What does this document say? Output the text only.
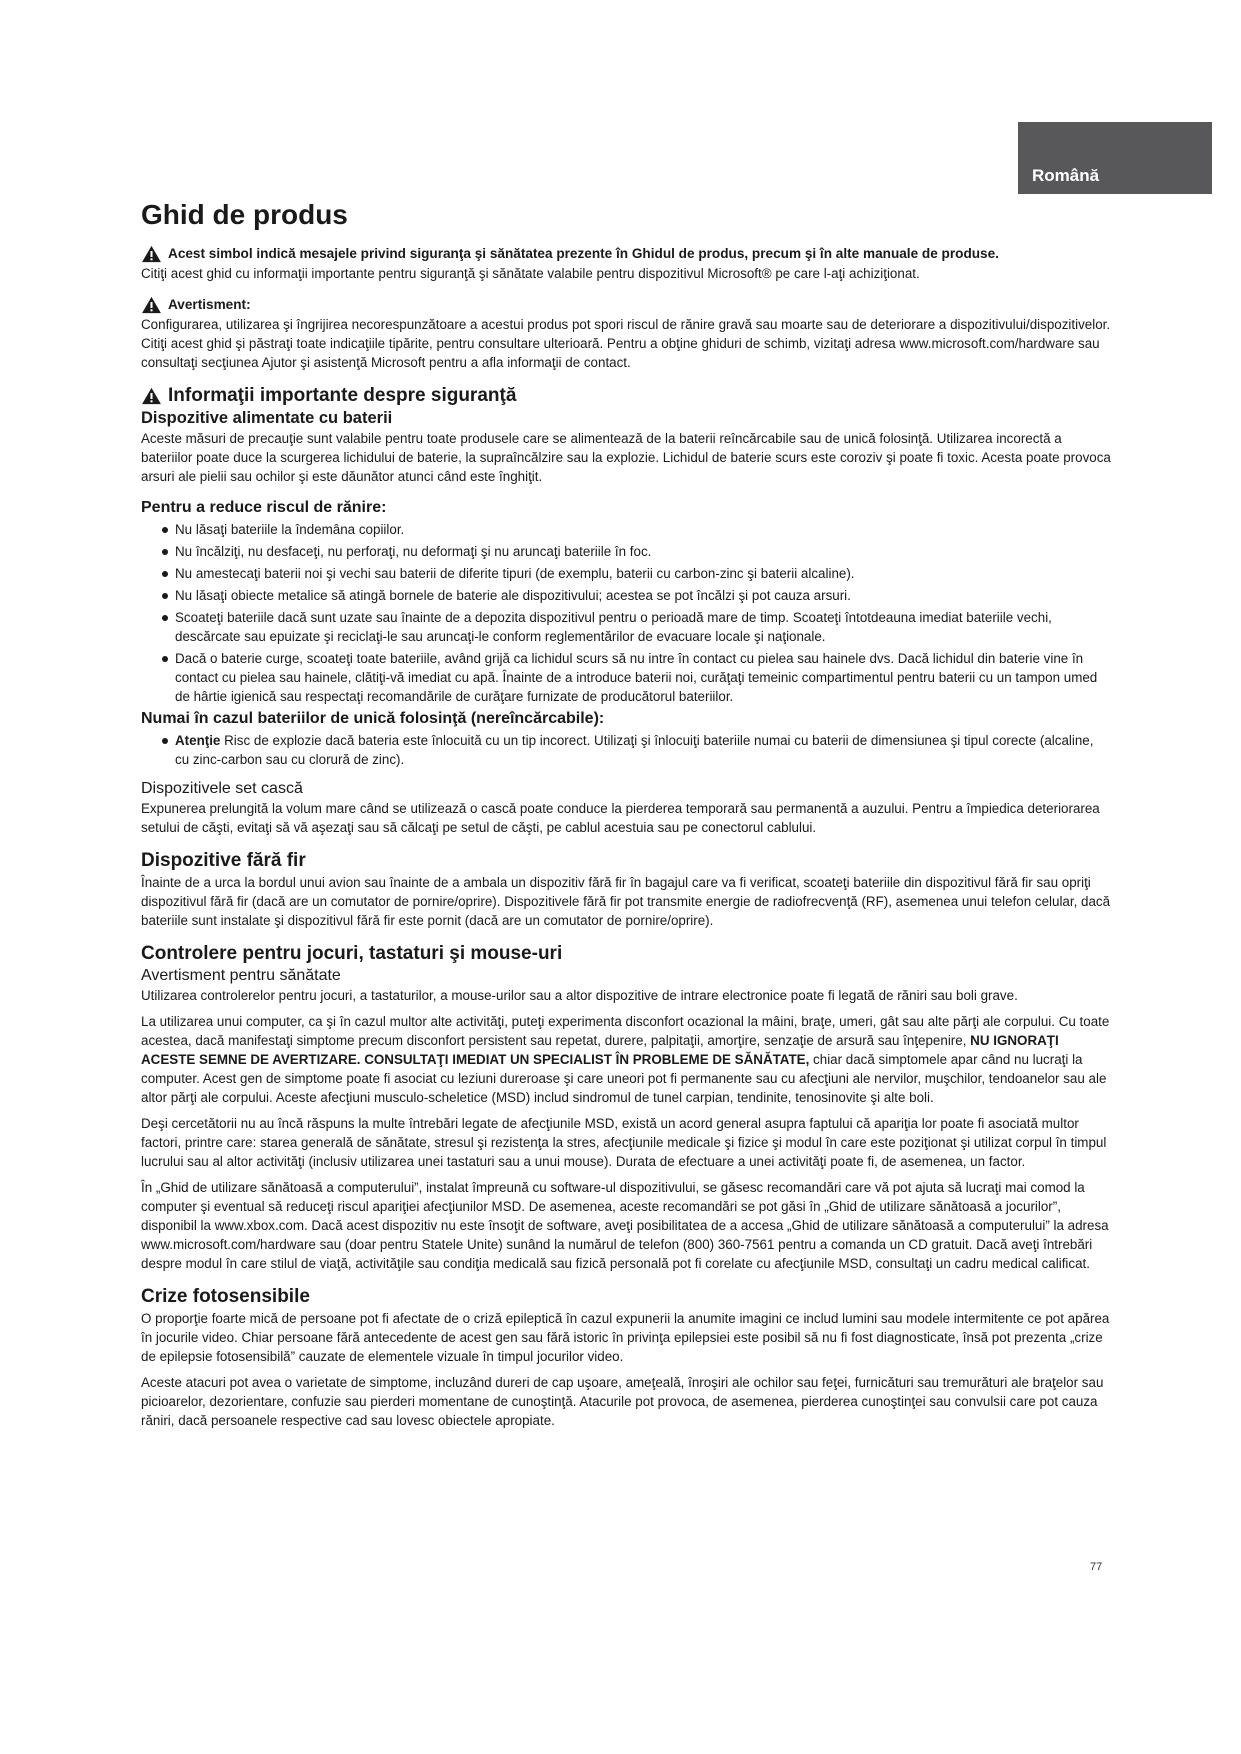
Română
Ghid de produs
Acest simbol indică mesajele privind siguranţa şi sănătatea prezente în Ghidul de produs, precum şi în alte manuale de produse.

Citiţi acest ghid cu informaţii importante pentru siguranţă şi sănătate valabile pentru dispozitivul Microsoft® pe care l-aţi achiziţionat.

Avertisment:

Configurarea, utilizarea şi îngrijirea necorespunzătoare a acestui produs pot spori riscul de rănire gravă sau moarte sau de deteriorare a dispozitivului/dispozitivelor. Citiţi acest ghid şi păstraţi toate indicaţiile tipărite, pentru consultare ulterioară. Pentru a obţine ghiduri de schimb, vizitaţi adresa www.microsoft.com/hardware sau consultaţi secţiunea Ajutor şi asistenţă Microsoft pentru a afla informaţii de contact.

Informaţii importante despre siguranţă
Dispozitive alimentate cu baterii

Aceste măsuri de precauţie sunt valabile pentru toate produsele care se alimentează de la baterii reîncărcabile sau de unică folosinţă. Utilizarea incorectă a bateriilor poate duce la scurgerea lichidului de baterie, la supraîncălzire sau la explozie. Lichidul de baterie scurs este coroziv şi poate fi toxic. Acesta poate provoca arsuri ale pielii sau ochilor şi este dăunător atunci când este înghiţit.

Pentru a reduce riscul de rănire:
Nu lăsaţi bateriile la îndemâna copiilor.
Nu încălziţi, nu desfaceţi, nu perforaţi, nu deformaţi şi nu aruncaţi bateriile în foc.
Nu amestecaţi baterii noi şi vechi sau baterii de diferite tipuri (de exemplu, baterii cu carbon-zinc şi baterii alcaline).
Nu lăsaţi obiecte metalice să atingă bornele de baterie ale dispozitivului; acestea se pot încălzi şi pot cauza arsuri.
Scoateţi bateriile dacă sunt uzate sau înainte de a depozita dispozitivul pentru o perioadă mare de timp. Scoateţi întotdeauna imediat bateriile vechi, descărcate sau epuizate şi reciclaţi-le sau aruncaţi-le conform reglementărilor de evacuare locale şi naţionale.
Dacă o baterie curge, scoateţi toate bateriile, având grijă ca lichidul scurs să nu intre în contact cu pielea sau hainele dvs. Dacă lichidul din baterie vine în contact cu pielea sau hainele, clătiţi-vă imediat cu apă. Înainte de a introduce baterii noi, curăţaţi temeinic compartimentul pentru baterii cu un tampon umed de hârtie igienică sau respectaţi recomandările de curăţare furnizate de producătorul bateriilor.
Numai în cazul bateriilor de unică folosinţă (nereîncărcabile):
Atenţie Risc de explozie dacă bateria este înlocuită cu un tip incorect. Utilizaţi şi înlocuiţi bateriile numai cu baterii de dimensiunea şi tipul corecte (alcaline, cu zinc-carbon sau cu clorură de zinc).
Dispozitivele set cască

Expunerea prelungită la volum mare când se utilizează o cască poate conduce la pierderea temporară sau permanentă a auzului. Pentru a împiedica deteriorarea setului de căşti, evitaţi să vă aşezaţi sau să călcaţi pe setul de căşti, pe cablul acestuia sau pe conectorul cablului.

Dispozitive fără fir

Înainte de a urca la bordul unui avion sau înainte de a ambala un dispozitiv fără fir în bagajul care va fi verificat, scoateţi bateriile din dispozitivul fără fir sau opriţi dispozitivul fără fir (dacă are un comutator de pornire/oprire). Dispozitivele fără fir pot transmite energie de radiofrecvenţă (RF), asemenea unui telefon celular, dacă bateriile sunt instalate şi dispozitivul fără fir este pornit (dacă are un comutator de pornire/oprire).

Controlere pentru jocuri, tastaturi şi mouse-uri
Avertisment pentru sănătate

Utilizarea controlerelor pentru jocuri, a tastaturilor, a mouse-urilor sau a altor dispozitive de intrare electronice poate fi legată de răniri sau boli grave.

La utilizarea unui computer, ca şi în cazul multor alte activităţi, puteţi experimenta disconfort ocazional la mâini, braţe, umeri, gât sau alte părţi ale corpului. Cu toate acestea, dacă manifestaţi simptome precum disconfort persistent sau repetat, durere, palpitaţii, amorţire, senzaţie de arsură sau înţepenire, NU IGNORAŢI ACESTE SEMNE DE AVERTIZARE. CONSULTAŢI IMEDIAT UN SPECIALIST ÎN PROBLEME DE SĂNĂTATE, chiar dacă simptomele apar când nu lucraţi la computer. Acest gen de simptome poate fi asociat cu leziuni dureroase şi care uneori pot fi permanente sau cu afecţiuni ale nervilor, muşchilor, tendoanelor sau ale altor părţi ale corpului. Aceste afecţiuni musculo-scheletice (MSD) includ sindromul de tunel carpian, tendinite, tenosinovite şi alte boli.

Deşi cercetătorii nu au încă răspuns la multe întrebări legate de afecţiunile MSD, există un acord general asupra faptului că apariţia lor poate fi asociată multor factori, printre care: starea generală de sănătate, stresul şi rezistenţa la stres, afecţiunile medicale şi fizice şi modul în care este poziţionat şi utilizat corpul în timpul lucrului sau al altor activităţi (inclusiv utilizarea unei tastaturi sau a unui mouse). Durata de efectuare a unei activităţi poate fi, de asemenea, un factor.

În „Ghid de utilizare sănătoasă a computerului”, instalat împreună cu software-ul dispozitivului, se găsesc recomandări care vă pot ajuta să lucraţi mai comod la computer şi eventual să reduceţi riscul apariţiei afecţiunilor MSD. De asemenea, aceste recomandări se pot găsi în „Ghid de utilizare sănătoasă a jocurilor”, disponibil la www.xbox.com. Dacă acest dispozitiv nu este însoţit de software, aveţi posibilitatea de a accesa „Ghid de utilizare sănătoasă a computerului” la adresa www.microsoft.com/hardware sau (doar pentru Statele Unite) sunând la numărul de telefon (800) 360-7561 pentru a comanda un CD gratuit. Dacă aveţi întrebări despre modul în care stilul de viaţă, activităţile sau condiţia medicală sau fizică personală pot fi corelate cu afecţiunile MSD, consultaţi un cadru medical calificat.

Crize fotosensibile

O proporţie foarte mică de persoane pot fi afectate de o criză epileptică în cazul expunerii la anumite imagini ce includ lumini sau modele intermitente ce pot apărea în jocurile video. Chiar persoane fără antecedente de acest gen sau fără istoric în privinţa epilepsiei este posibil să nu fi fost diagnosticate, însă pot prezenta „crize de epilepsie fotosensibilă” cauzate de elementele vizuale în timpul jocurilor video.

Aceste atacuri pot avea o varietate de simptome, incluzând dureri de cap uşoare, ameţeală, înroşiri ale ochilor sau feţei, furnicături sau tremurături ale braţelor sau picioarelor, dezorientare, confuzie sau pierderi momentane de cunoştinţă. Atacurile pot provoca, de asemenea, pierderea cunoştinţei sau convulsii care pot cauza răniri, dacă persoanele respective cad sau lovesc obiectele apropiate.

77
